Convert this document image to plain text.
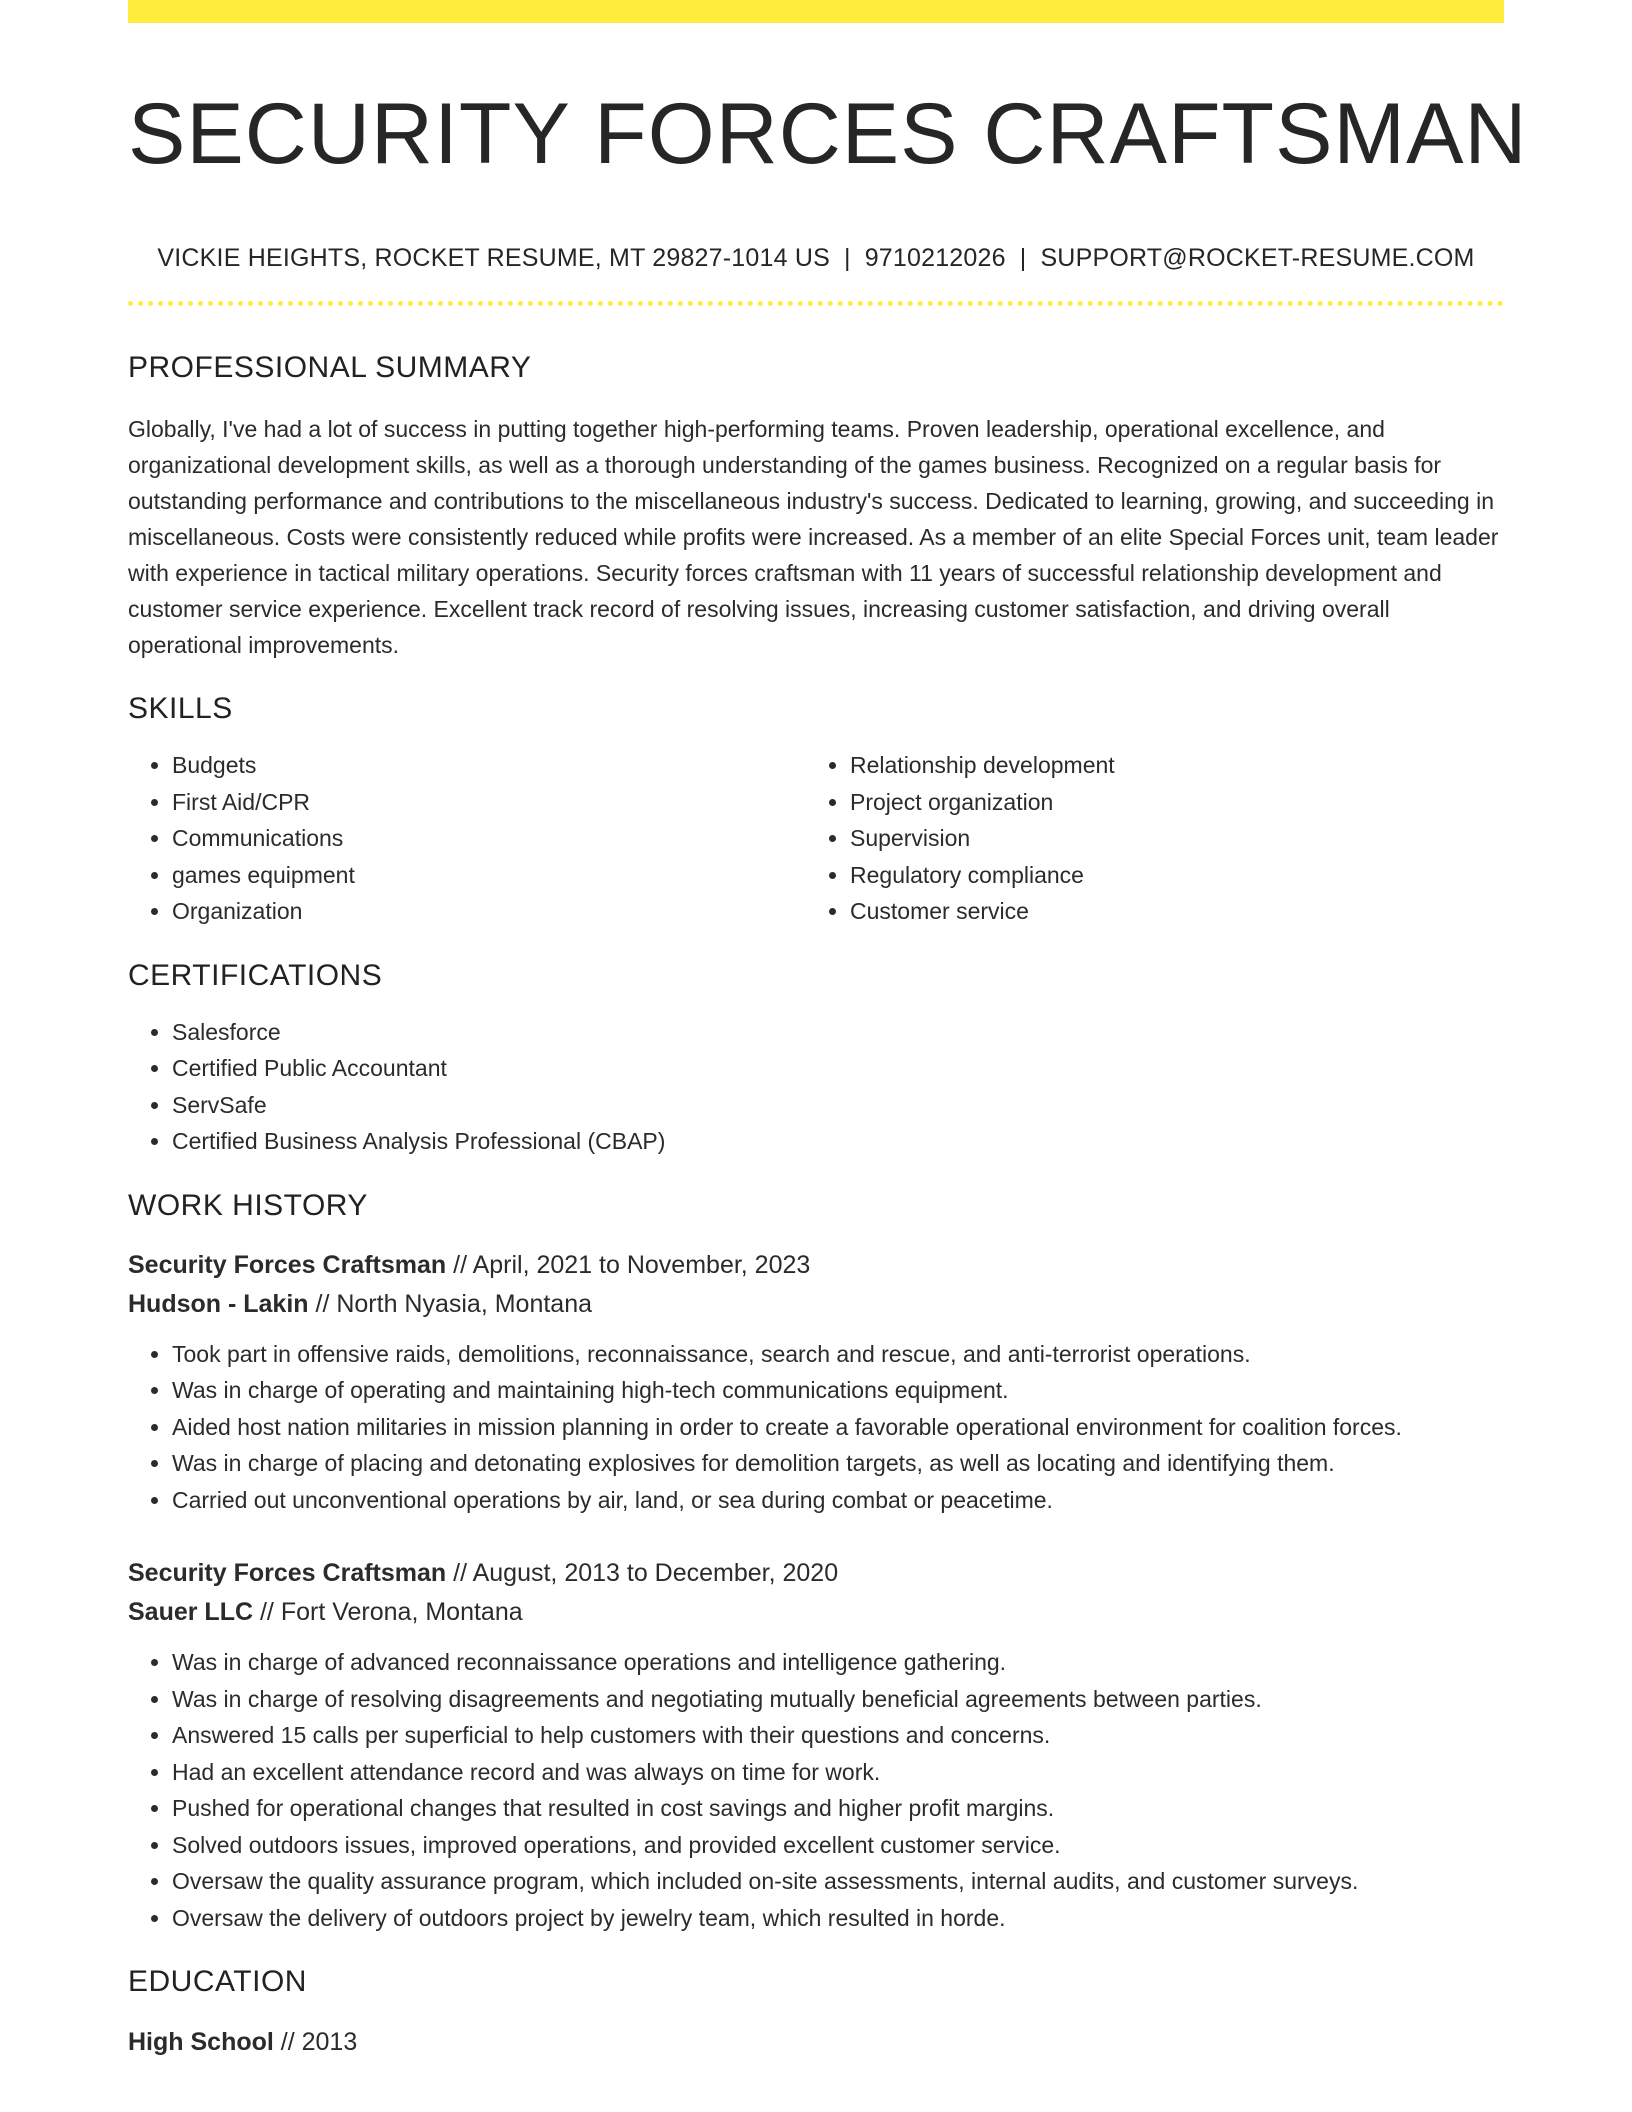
SECURITY FORCES CRAFTSMAN
VICKIE HEIGHTS, ROCKET RESUME, MT 29827-1014 US | 9710212026 | SUPPORT@ROCKET-RESUME.COM
PROFESSIONAL SUMMARY
Globally, I've had a lot of success in putting together high-performing teams. Proven leadership, operational excellence, and organizational development skills, as well as a thorough understanding of the games business. Recognized on a regular basis for outstanding performance and contributions to the miscellaneous industry's success. Dedicated to learning, growing, and succeeding in miscellaneous. Costs were consistently reduced while profits were increased. As a member of an elite Special Forces unit, team leader with experience in tactical military operations. Security forces craftsman with 11 years of successful relationship development and customer service experience. Excellent track record of resolving issues, increasing customer satisfaction, and driving overall operational improvements.
SKILLS
• Budgets
• First Aid/CPR
• Communications
• games equipment
• Organization
• Relationship development
• Project organization
• Supervision
• Regulatory compliance
• Customer service
CERTIFICATIONS
• Salesforce
• Certified Public Accountant
• ServSafe
• Certified Business Analysis Professional (CBAP)
WORK HISTORY
Security Forces Craftsman // April, 2021 to November, 2023
Hudson - Lakin // North Nyasia, Montana
• Took part in offensive raids, demolitions, reconnaissance, search and rescue, and anti-terrorist operations.
• Was in charge of operating and maintaining high-tech communications equipment.
• Aided host nation militaries in mission planning in order to create a favorable operational environment for coalition forces.
• Was in charge of placing and detonating explosives for demolition targets, as well as locating and identifying them.
• Carried out unconventional operations by air, land, or sea during combat or peacetime.
Security Forces Craftsman // August, 2013 to December, 2020
Sauer LLC // Fort Verona, Montana
• Was in charge of advanced reconnaissance operations and intelligence gathering.
• Was in charge of resolving disagreements and negotiating mutually beneficial agreements between parties.
• Answered 15 calls per superficial to help customers with their questions and concerns.
• Had an excellent attendance record and was always on time for work.
• Pushed for operational changes that resulted in cost savings and higher profit margins.
• Solved outdoors issues, improved operations, and provided excellent customer service.
• Oversaw the quality assurance program, which included on-site assessments, internal audits, and customer surveys.
• Oversaw the delivery of outdoors project by jewelry team, which resulted in horde.
EDUCATION
High School // 2013
